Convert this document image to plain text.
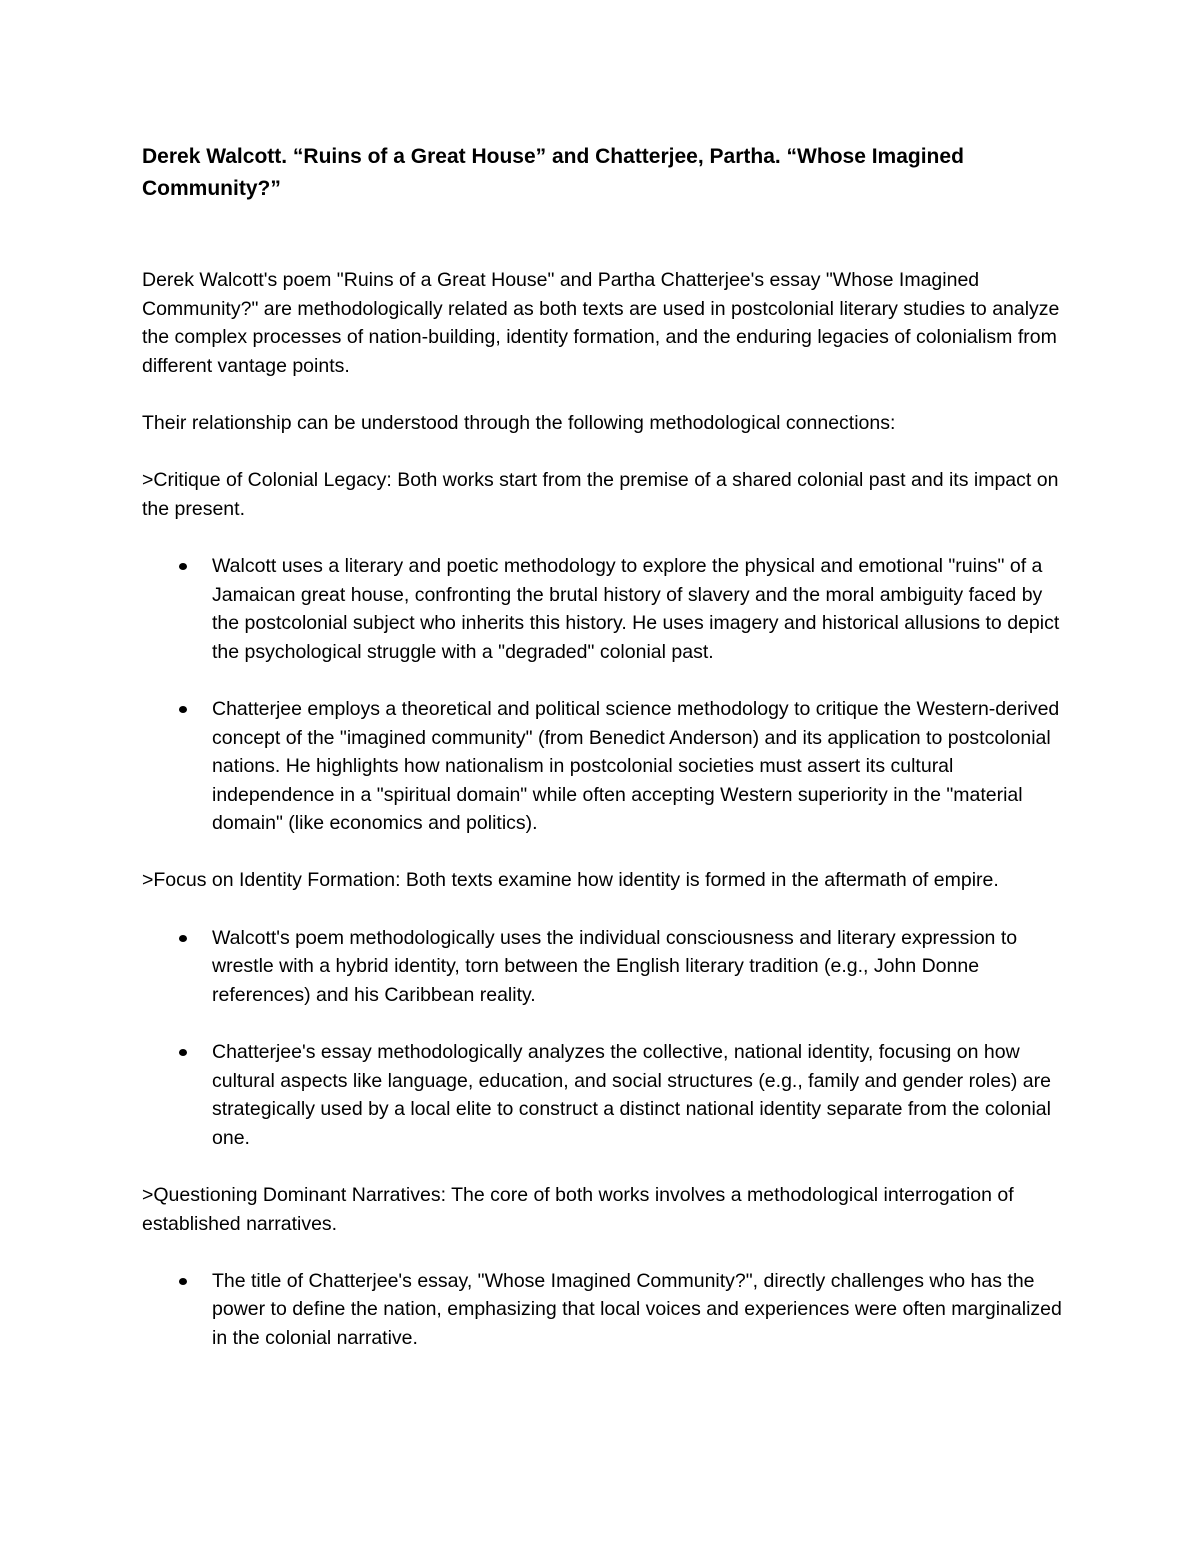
Derek Walcott. “Ruins of a Great House” and Chatterjee, Partha. “Whose Imagined Community?”

Derek Walcott's poem "Ruins of a Great House" and Partha Chatterjee's essay "Whose Imagined Community?" are methodologically related as both texts are used in postcolonial literary studies to analyze the complex processes of nation-building, identity formation, and the enduring legacies of colonialism from different vantage points.

Their relationship can be understood through the following methodological connections:

>Critique of Colonial Legacy: Both works start from the premise of a shared colonial past and its impact on the present.

Walcott uses a literary and poetic methodology to explore the physical and emotional "ruins" of a Jamaican great house, confronting the brutal history of slavery and the moral ambiguity faced by the postcolonial subject who inherits this history. He uses imagery and historical allusions to depict the psychological struggle with a "degraded" colonial past.
Chatterjee employs a theoretical and political science methodology to critique the Western-derived concept of the "imagined community" (from Benedict Anderson) and its application to postcolonial nations. He highlights how nationalism in postcolonial societies must assert its cultural independence in a "spiritual domain" while often accepting Western superiority in the "material domain" (like economics and politics).

>Focus on Identity Formation: Both texts examine how identity is formed in the aftermath of empire.

Walcott's poem methodologically uses the individual consciousness and literary expression to wrestle with a hybrid identity, torn between the English literary tradition (e.g., John Donne references) and his Caribbean reality.
Chatterjee's essay methodologically analyzes the collective, national identity, focusing on how cultural aspects like language, education, and social structures (e.g., family and gender roles) are strategically used by a local elite to construct a distinct national identity separate from the colonial one.

>Questioning Dominant Narratives: The core of both works involves a methodological interrogation of established narratives.

The title of Chatterjee's essay, "Whose Imagined Community?", directly challenges who has the power to define the nation, emphasizing that local voices and experiences were often marginalized in the colonial narrative.
